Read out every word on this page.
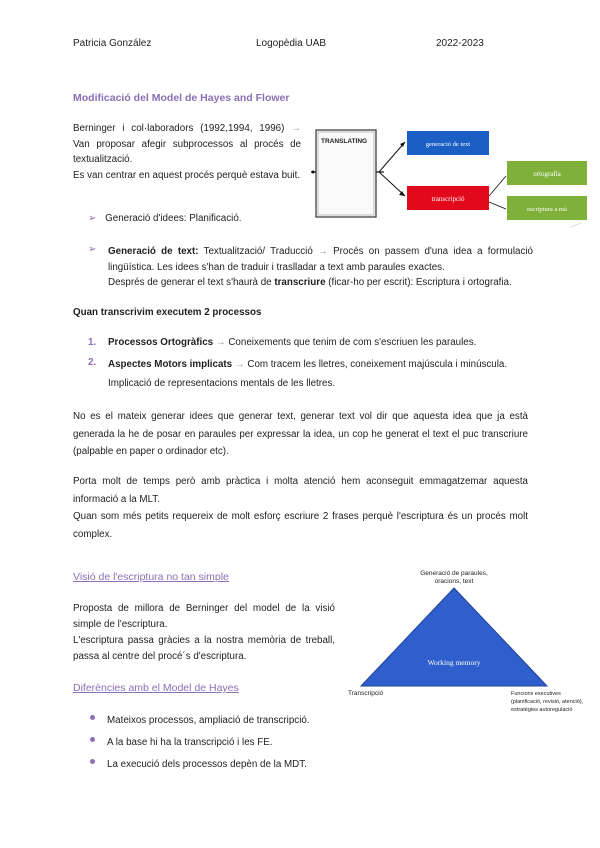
Patricia González	Logopèdia UAB	2022-2023
Modificació del Model de Hayes and Flower

Berninger i col·laboradors (1992,1994, 1996) → Van proposar afegir subprocessos al procés de textualització.

Es van centrar en aquest procés perquè estava buit.

TRANSLATING	generació de text
transcripció
ortografia
escriptura a mà
➢ Generació d'idees: Planificació.
➢ Generació de text: Textualització/ Traducció → Procés on passem d'una idea a formulació lingüística. Les idees s'han de traduir i traslladar a text amb paraules exactes.

Després de generar el text s'haurà de transcriure (ficar-ho per escrit): Escriptura i ortografia.

Quan transcrivim executem 2 processos
1. Processos Ortogràfics → Coneixements que tenim de com s'escriuen les paraules.

2. Aspectes Motors implicats → Com tracem les lletres, coneixement majúscula i minúscula.
Implicació de representacions mentals de les lletres.

No es el mateix generar idees que generar text, generar text vol dir que aquesta idea que ja està generada la he de posar en paraules per expressar la idea, un cop he generat el text el puc transcriure (palpable en paper o ordinador etc).

Porta molt de temps però amb pràctica i molta atenció hem aconseguit emmagatzemar aquesta informació a la MLT.

Quan som més petits requereix de molt esforç escriure 2 frases perquè l'escriptura és un procés molt complex.

Visió de l'escriptura no tan simple

Proposta de millora de Berninger del model de la visió simple de l'escriptura.

L'escriptura passa gràcies a la nostra memòria de treball, passa al centre del procé´s d'escriptura.

Diferències amb el Model de Hayes
Mateixos processos, ampliació de transcripció.
A la base hi ha la transcripció i les FE.
La execució dels processos depèn de la MDT.
Generació de paraules,
oracions, text
Working memory
Transcripció	Funcions executives
(planificació, revisió, atenció),
estratègies autoregulació
